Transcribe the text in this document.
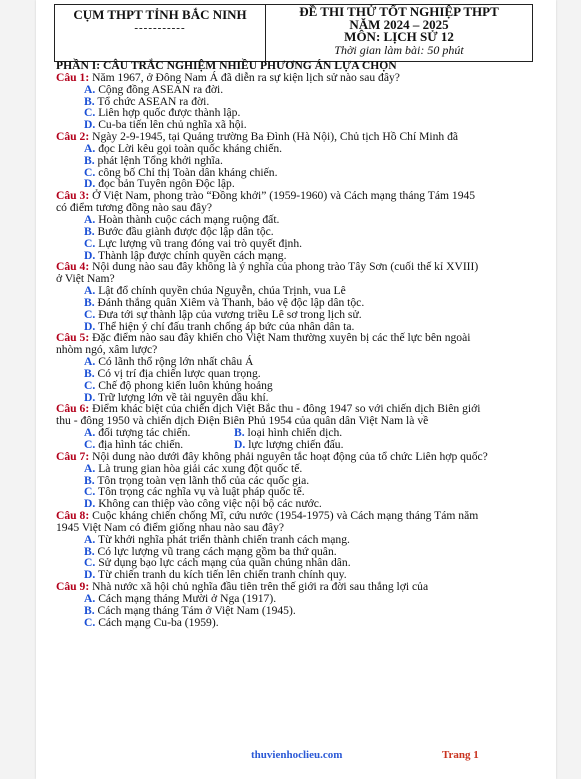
CỤM THPT TỈNH BẮC NINH
-----------
ĐỀ THI THỬ TỐT NGHIỆP THPT
NĂM 2024 – 2025
MÔN: LỊCH SỬ 12
Thời gian làm bài: 50 phút
PHẦN I: CÂU TRẮC NGHIỆM NHIỀU PHƯƠNG ÁN LỰA CHỌN
Câu 1: Năm 1967, ở Đông Nam Á đã diễn ra sự kiện lịch sử nào sau đây?
A. Cộng đồng ASEAN ra đời.
B. Tổ chức ASEAN ra đời.
C. Liên hợp quốc được thành lập.
D. Cu-ba tiến lên chủ nghĩa xã hội.
Câu 2: Ngày 2-9-1945, tại Quảng trường Ba Đình (Hà Nội), Chủ tịch Hồ Chí Minh đã
A. đọc Lời kêu gọi toàn quốc kháng chiến.
B. phát lệnh Tổng khởi nghĩa.
C. công bố Chỉ thị Toàn dân kháng chiến.
D. đọc bản Tuyên ngôn Độc lập.
Câu 3: Ở Việt Nam, phong trào “Đồng khởi” (1959-1960) và Cách mạng tháng Tám 1945
có điểm tương đồng nào sau đây?
A. Hoàn thành cuộc cách mạng ruộng đất.
B. Bước đầu giành được độc lập dân tộc.
C. Lực lượng vũ trang đóng vai trò quyết định.
D. Thành lập được chính quyền cách mạng.
Câu 4: Nội dung nào sau đây không là ý nghĩa của phong trào Tây Sơn (cuối thế kỉ XVIII)
ở Việt Nam?
A. Lật đổ chính quyền chúa Nguyễn, chúa Trịnh, vua Lê
B. Đánh thắng quân Xiêm và Thanh, bảo vệ độc lập dân tộc.
C. Đưa tới sự thành lập của vương triều Lê sơ trong lịch sử.
D. Thể hiện ý chí đấu tranh chống áp bức của nhân dân ta.
Câu 5: Đặc điểm nào sau đây khiến cho Việt Nam thường xuyên bị các thế lực bên ngoài
nhòm ngó, xâm lược?
A. Có lãnh thổ rộng lớn nhất châu Á
B. Có vị trí địa chiến lược quan trọng.
C. Chế độ phong kiến luôn khủng hoảng
D. Trữ lượng lớn về tài nguyên dầu khí.
Câu 6: Điểm khác biệt của chiến dịch Việt Bắc thu - đông 1947 so với chiến dịch Biên giới
thu - đông 1950 và chiến dịch Điện Biên Phủ 1954 của quân dân Việt Nam là về
A. đối tượng tác chiến.	B. loại hình chiến dịch.
C. địa hình tác chiến.	D. lực lượng chiến đấu.
Câu 7: Nội dung nào dưới đây không phải nguyên tắc hoạt động của tổ chức Liên hợp quốc?
A. Là trung gian hòa giải các xung đột quốc tế.
B. Tôn trọng toàn vẹn lãnh thổ của các quốc gia.
C. Tôn trọng các nghĩa vụ và luật pháp quốc tế.
D. Không can thiệp vào công việc nội bộ các nước.
Câu 8: Cuộc kháng chiến chống Mĩ, cứu nước (1954-1975) và Cách mạng tháng Tám năm
1945 Việt Nam có điểm giống nhau nào sau đây?
A. Từ khởi nghĩa phát triển thành chiến tranh cách mạng.
B. Có lực lượng vũ trang cách mạng gồm ba thứ quân.
C. Sử dụng bạo lực cách mạng của quần chúng nhân dân.
D. Từ chiến tranh du kích tiến lên chiến tranh chính quy.
Câu 9: Nhà nước xã hội chủ nghĩa đầu tiên trên thế giới ra đời sau thắng lợi của
A. Cách mạng tháng Mười ở Nga (1917).
B. Cách mạng tháng Tám ở Việt Nam (1945).
C. Cách mạng Cu-ba (1959).
thuvienhoclieu.com	Trang 1
